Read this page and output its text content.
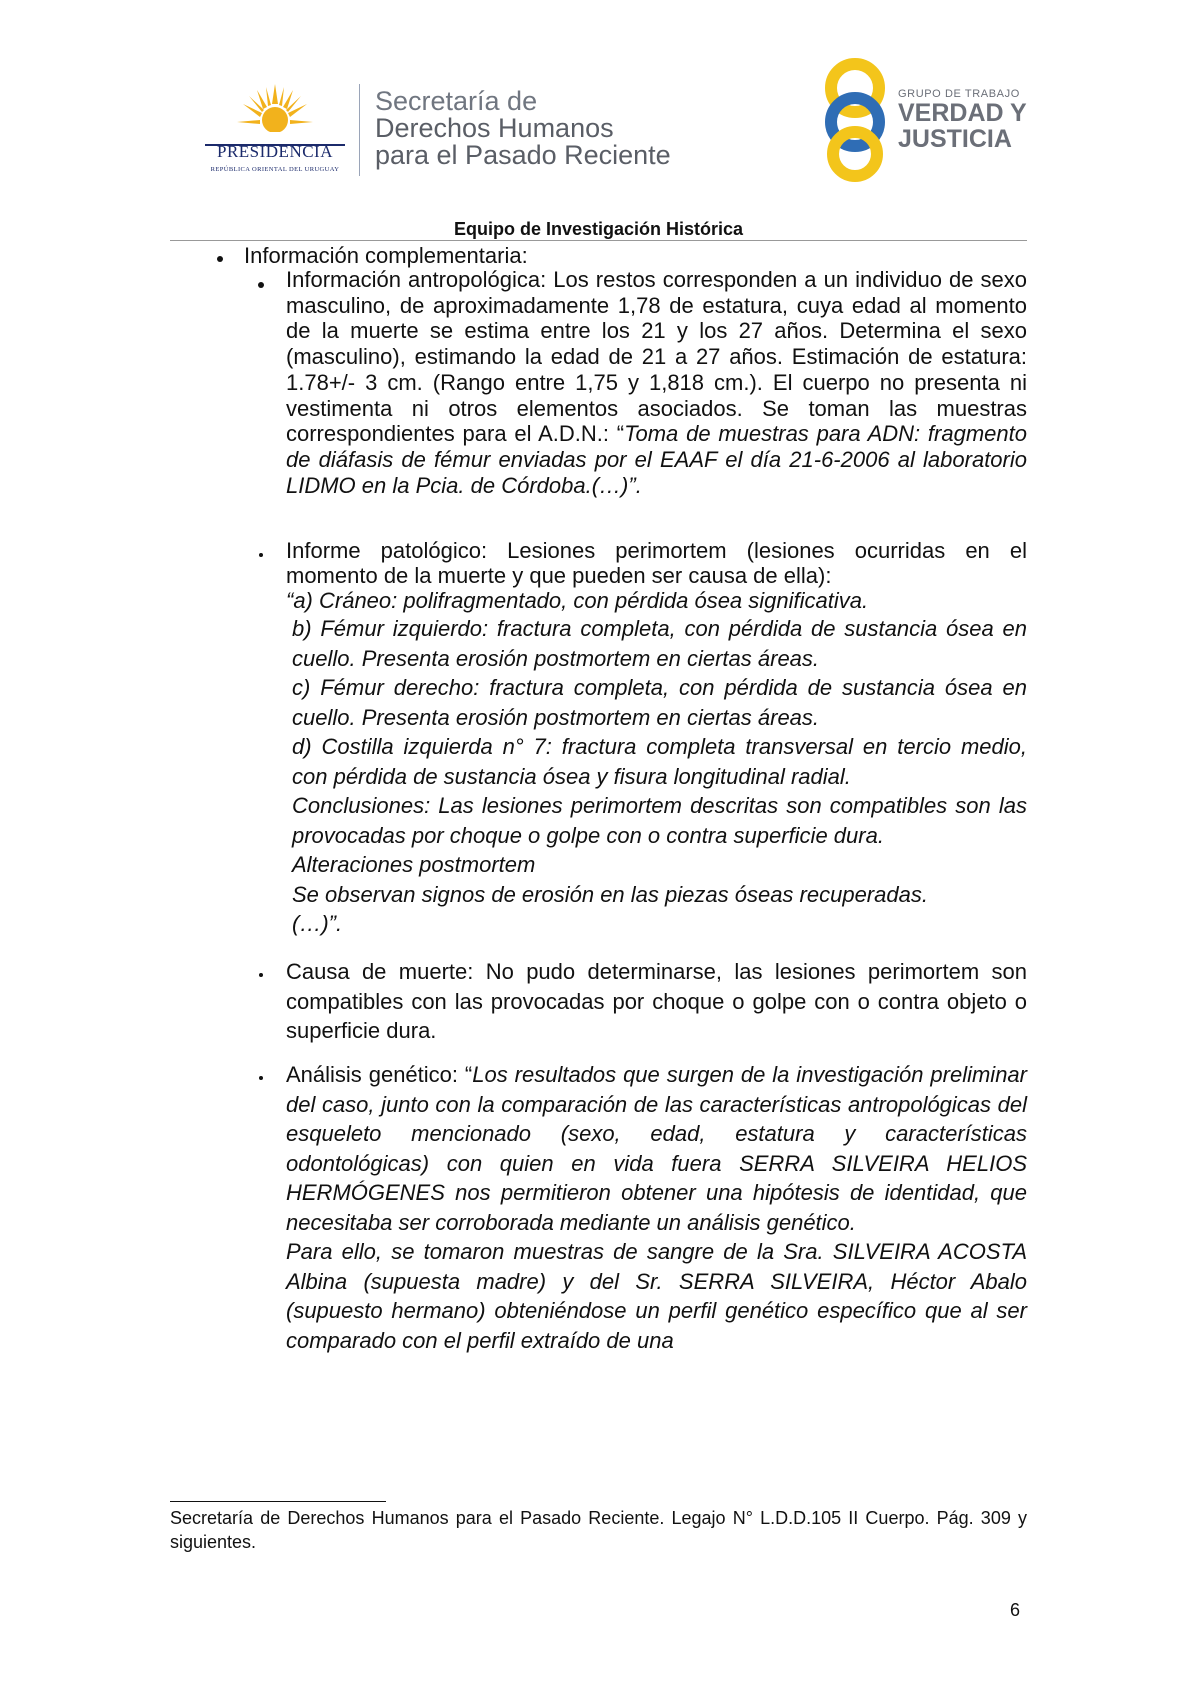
PRESIDENCIA
REPÚBLICA ORIENTAL DEL URUGUAY
Secretaría de
Derechos Humanos
para el Pasado Reciente
GRUPO DE TRABAJO
VERDAD Y
JUSTICIA
Equipo de Investigación Histórica
Información complementaria:
Información antropológica: Los restos corresponden a un individuo de sexo masculino, de aproximadamente 1,78 de estatura, cuya edad al momento de la muerte se estima entre los 21 y los 27 años. Determina el sexo (masculino), estimando la edad de 21 a 27 años. Estimación de estatura: 1.78+/- 3 cm. (Rango entre 1,75 y 1,818 cm.). El cuerpo no presenta ni vestimenta ni otros elementos asociados. Se toman las muestras correspondientes para el A.D.N.: “Toma de muestras para ADN: fragmento de diáfasis de fémur enviadas por el EAAF el día 21-6-2006 al laboratorio LIDMO en la Pcia. de Córdoba.(…)”.

Informe patológico: Lesiones perimortem (lesiones ocurridas en el momento de la muerte y que pueden ser causa de ella):

“a) Cráneo: polifragmentado, con pérdida ósea significativa.

b) Fémur izquierdo: fractura completa, con pérdida de sustancia ósea en cuello. Presenta erosión postmortem en ciertas áreas.

c) Fémur derecho: fractura completa, con pérdida de sustancia ósea en cuello. Presenta erosión postmortem en ciertas áreas.

d) Costilla izquierda n° 7: fractura completa transversal en tercio medio, con pérdida de sustancia ósea y fisura longitudinal radial.

Conclusiones: Las lesiones perimortem descritas son compatibles son las provocadas por choque o golpe con o contra superficie dura.

Alteraciones postmortem

Se observan signos de erosión en las piezas óseas recuperadas.

(…)”.

Causa de muerte: No pudo determinarse, las lesiones perimortem son compatibles con las provocadas por choque o golpe con o contra objeto o superficie dura.

Análisis genético: “Los resultados que surgen de la investigación preliminar del caso, junto con la comparación de las características antropológicas del esqueleto mencionado (sexo, edad, estatura y características odontológicas) con quien en vida fuera SERRA SILVEIRA HELIOS HERMÓGENES nos permitieron obtener una hipótesis de identidad, que necesitaba ser corroborada mediante un análisis genético.

Para ello, se tomaron muestras de sangre de la Sra. SILVEIRA ACOSTA Albina (supuesta madre) y del Sr. SERRA SILVEIRA, Héctor Abalo (supuesto hermano) obteniéndose un perfil genético específico que al ser comparado con el perfil extraído de una

Secretaría de Derechos Humanos para el Pasado Reciente. Legajo N° L.D.D.105 II Cuerpo. Pág. 309 y siguientes.
6
